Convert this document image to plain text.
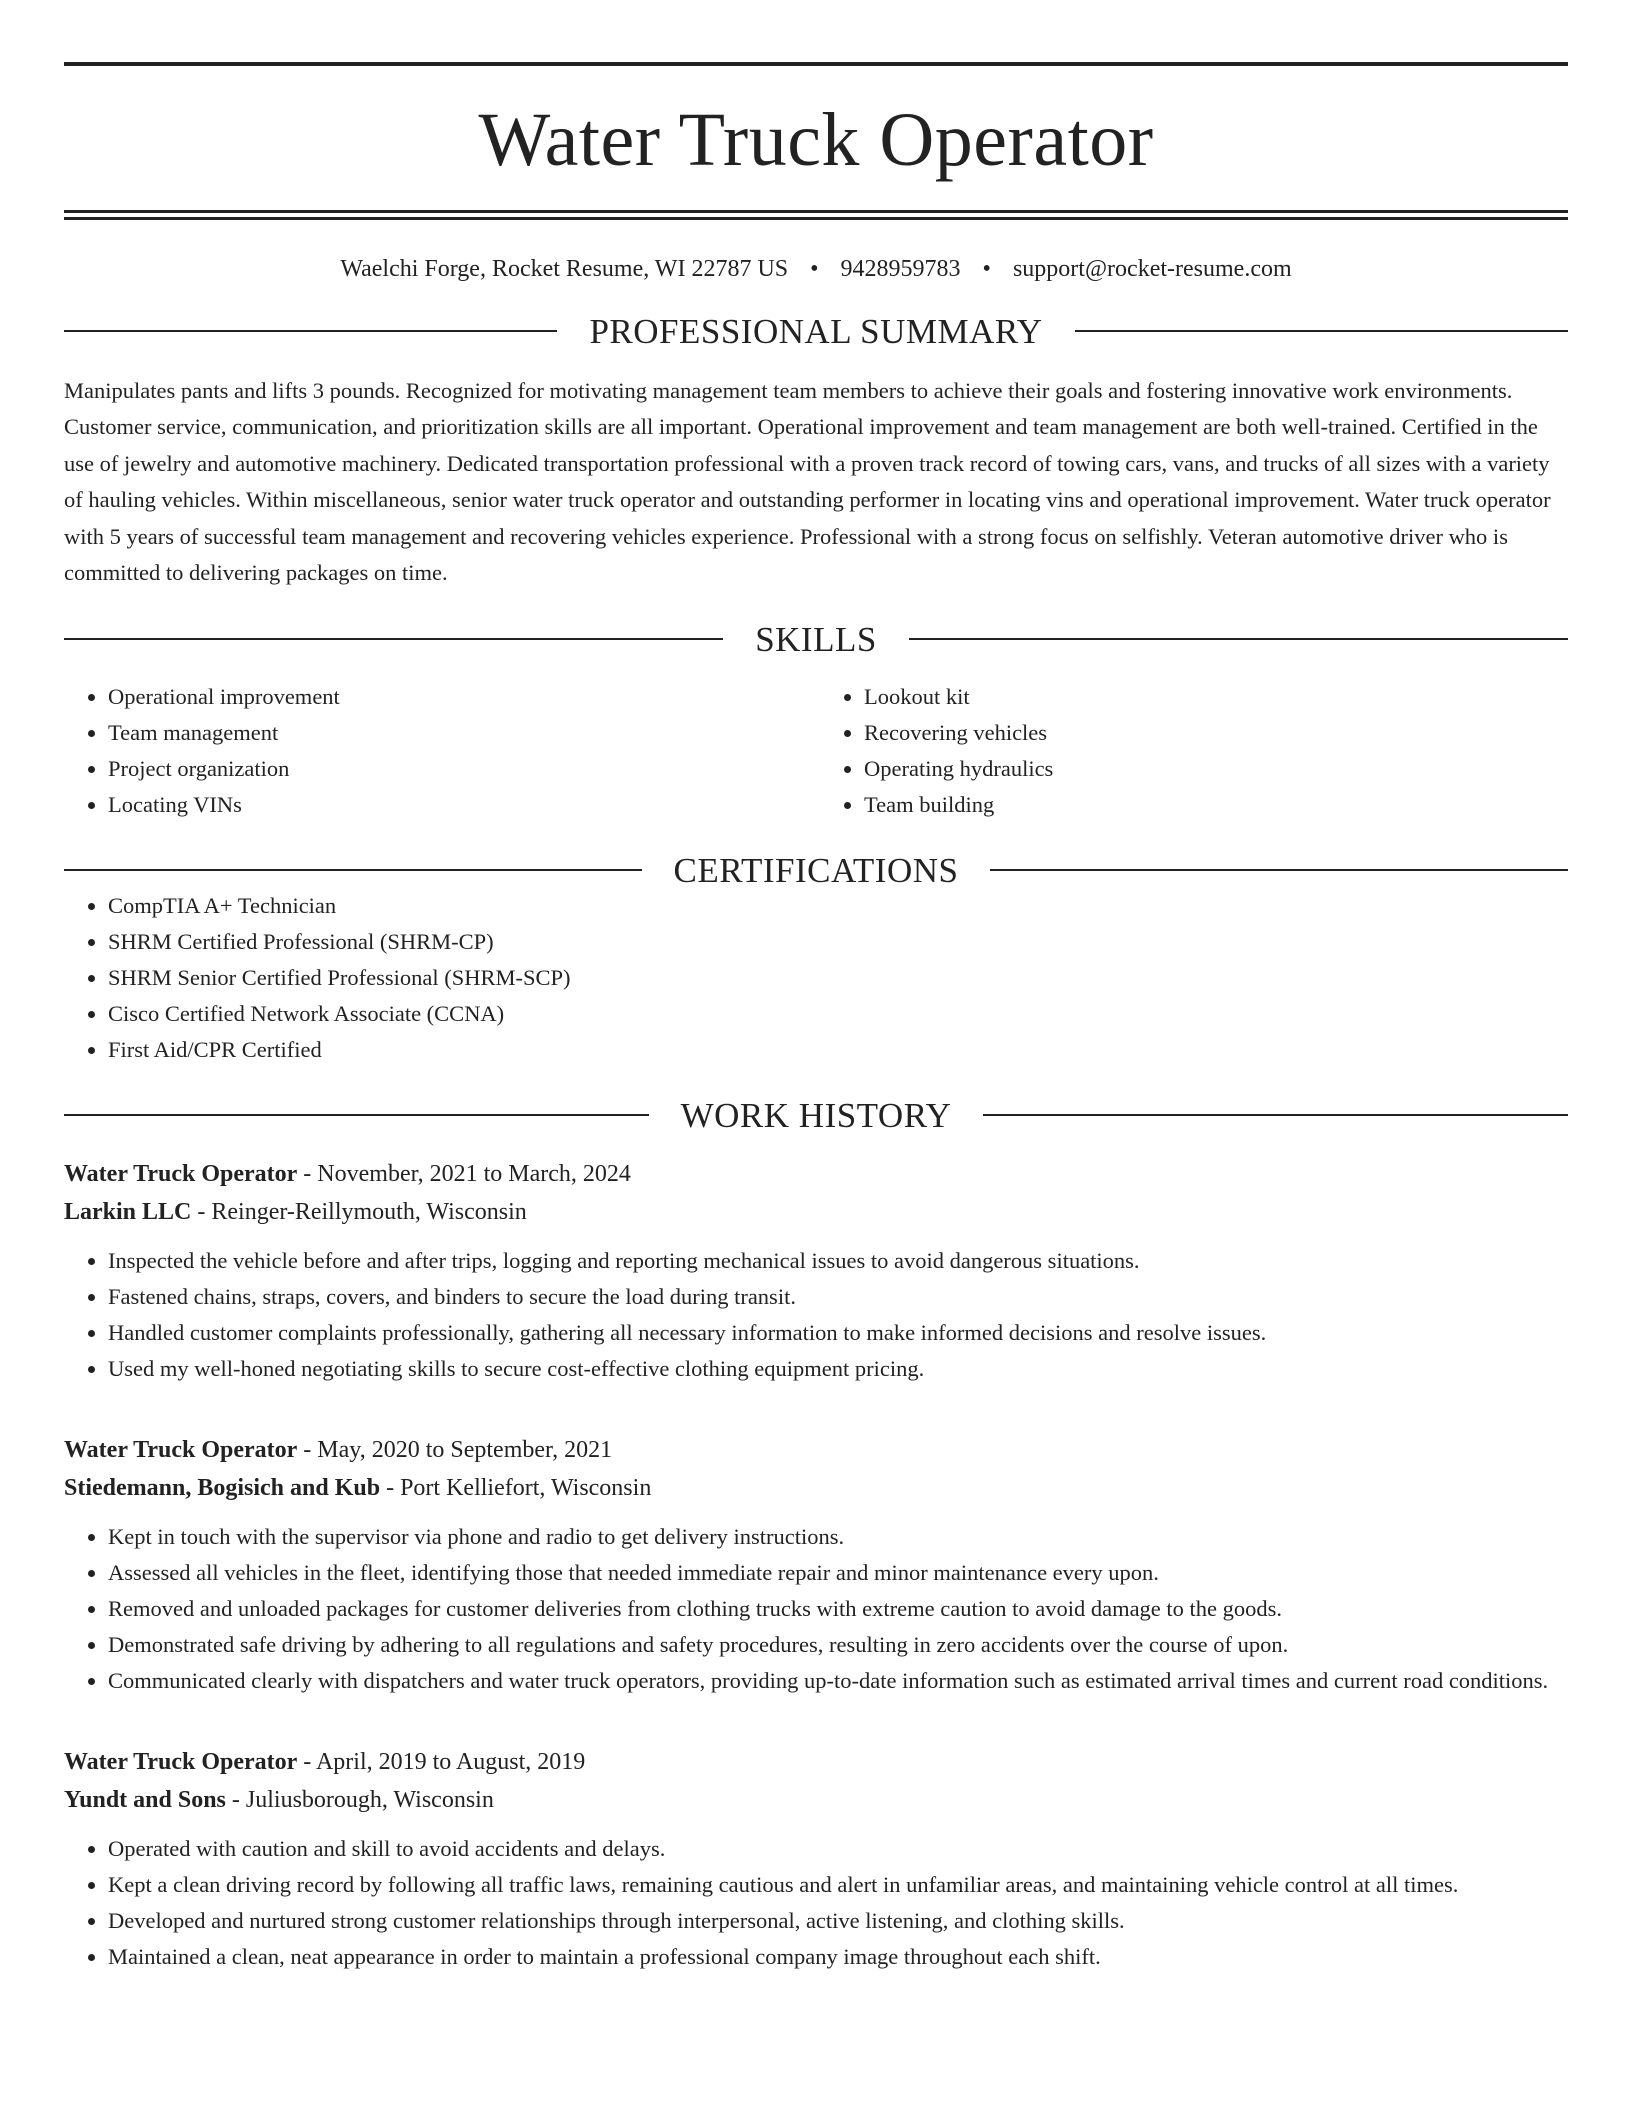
Water Truck Operator
Waelchi Forge, Rocket Resume, WI 22787 US • 9428959783 • support@rocket-resume.com
PROFESSIONAL SUMMARY

Manipulates pants and lifts 3 pounds. Recognized for motivating management team members to achieve their goals and fostering innovative work environments. Customer service, communication, and prioritization skills are all important. Operational improvement and team management are both well-trained. Certified in the use of jewelry and automotive machinery. Dedicated transportation professional with a proven track record of towing cars, vans, and trucks of all sizes with a variety of hauling vehicles. Within miscellaneous, senior water truck operator and outstanding performer in locating vins and operational improvement. Water truck operator with 5 years of successful team management and recovering vehicles experience. Professional with a strong focus on selfishly. Veteran automotive driver who is committed to delivering packages on time.

SKILLS
• Operational improvement
• Team management
• Project organization
• Locating VINs
• Lookout kit
• Recovering vehicles
• Operating hydraulics
• Team building
CERTIFICATIONS
• CompTIA A+ Technician
• SHRM Certified Professional (SHRM-CP)
• SHRM Senior Certified Professional (SHRM-SCP)
• Cisco Certified Network Associate (CCNA)
• First Aid/CPR Certified
WORK HISTORY
Water Truck Operator - November, 2021 to March, 2024
Larkin LLC - Reinger-Reillymouth, Wisconsin
• Inspected the vehicle before and after trips, logging and reporting mechanical issues to avoid dangerous situations.
• Fastened chains, straps, covers, and binders to secure the load during transit.
• Handled customer complaints professionally, gathering all necessary information to make informed decisions and resolve issues.
• Used my well-honed negotiating skills to secure cost-effective clothing equipment pricing.
Water Truck Operator - May, 2020 to September, 2021
Stiedemann, Bogisich and Kub - Port Kelliefort, Wisconsin
• Kept in touch with the supervisor via phone and radio to get delivery instructions.
• Assessed all vehicles in the fleet, identifying those that needed immediate repair and minor maintenance every upon.
• Removed and unloaded packages for customer deliveries from clothing trucks with extreme caution to avoid damage to the goods.
• Demonstrated safe driving by adhering to all regulations and safety procedures, resulting in zero accidents over the course of upon.
• Communicated clearly with dispatchers and water truck operators, providing up-to-date information such as estimated arrival times and current road conditions.
Water Truck Operator - April, 2019 to August, 2019
Yundt and Sons - Juliusborough, Wisconsin
• Operated with caution and skill to avoid accidents and delays.
• Kept a clean driving record by following all traffic laws, remaining cautious and alert in unfamiliar areas, and maintaining vehicle control at all times.
• Developed and nurtured strong customer relationships through interpersonal, active listening, and clothing skills.
• Maintained a clean, neat appearance in order to maintain a professional company image throughout each shift.
